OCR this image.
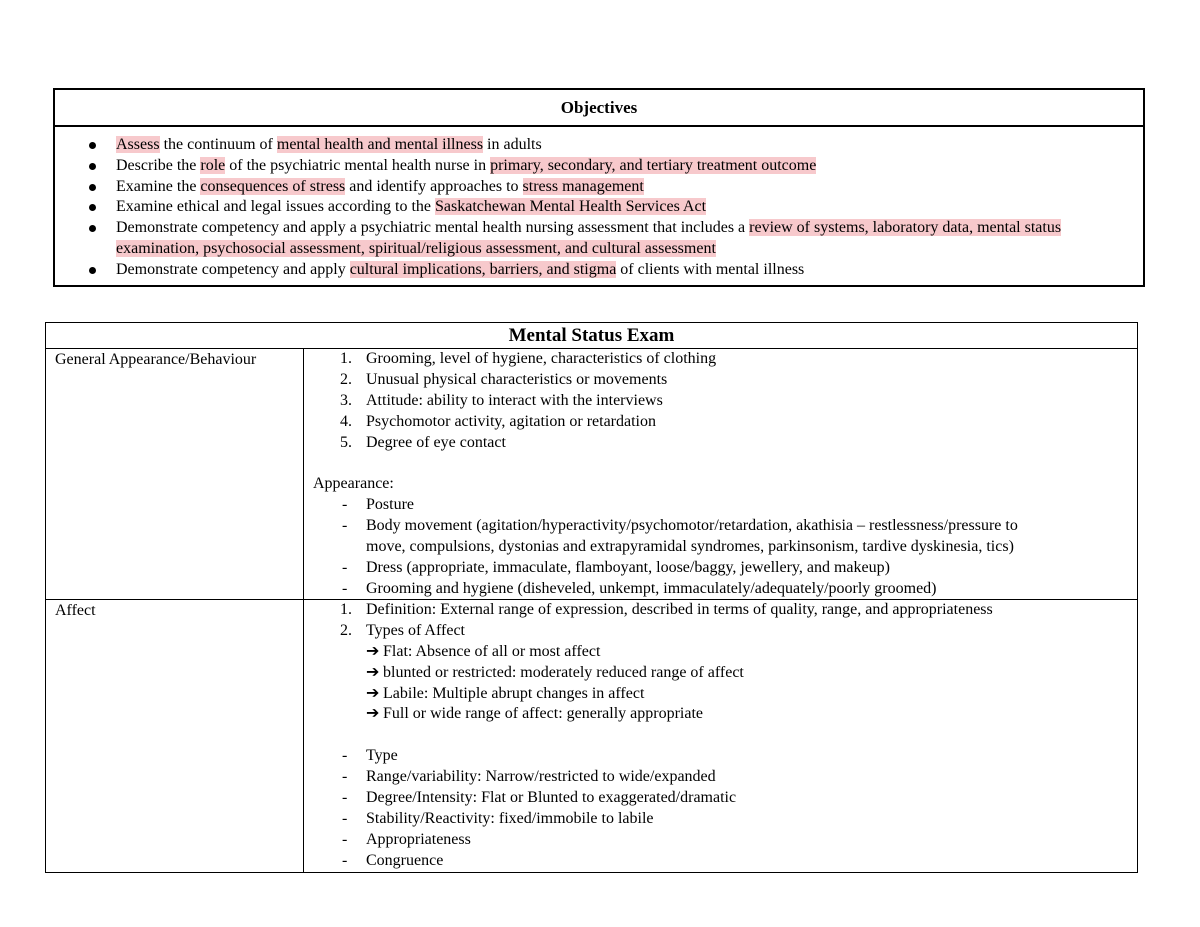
Objectives
Assess the continuum of mental health and mental illness in adults
Describe the role of the psychiatric mental health nurse in primary, secondary, and tertiary treatment outcome
Examine the consequences of stress and identify approaches to stress management
Examine ethical and legal issues according to the Saskatchewan Mental Health Services Act
Demonstrate competency and apply a psychiatric mental health nursing assessment that includes a review of systems, laboratory data, mental status examination, psychosocial assessment, spiritual/religious assessment, and cultural assessment
Demonstrate competency and apply cultural implications, barriers, and stigma of clients with mental illness
Mental Status Exam
General Appearance/Behaviour	1. Grooming, level of hygiene, characteristics of clothing
2. Unusual physical characteristics or movements
3. Attitude: ability to interact with the interviews
4. Psychomotor activity, agitation or retardation
5. Degree of eye contact
Appearance:
- Posture
- Body movement (agitation/hyperactivity/psychomotor/retardation, akathisia – restlessness/pressure to
move, compulsions, dystonias and extrapyramidal syndromes, parkinsonism, tardive dyskinesia, tics)
- Dress (appropriate, immaculate, flamboyant, loose/baggy, jewellery, and makeup)
- Grooming and hygiene (disheveled, unkempt, immaculately/adequately/poorly groomed)
Affect	1. Definition: External range of expression, described in terms of quality, range, and appropriateness
2. Types of Affect
➔ Flat: Absence of all or most affect
➔ blunted or restricted: moderately reduced range of affect
➔ Labile: Multiple abrupt changes in affect
➔ Full or wide range of affect: generally appropriate
- Type
- Range/variability: Narrow/restricted to wide/expanded
- Degree/Intensity: Flat or Blunted to exaggerated/dramatic
- Stability/Reactivity: fixed/immobile to labile
- Appropriateness
- Congruence
